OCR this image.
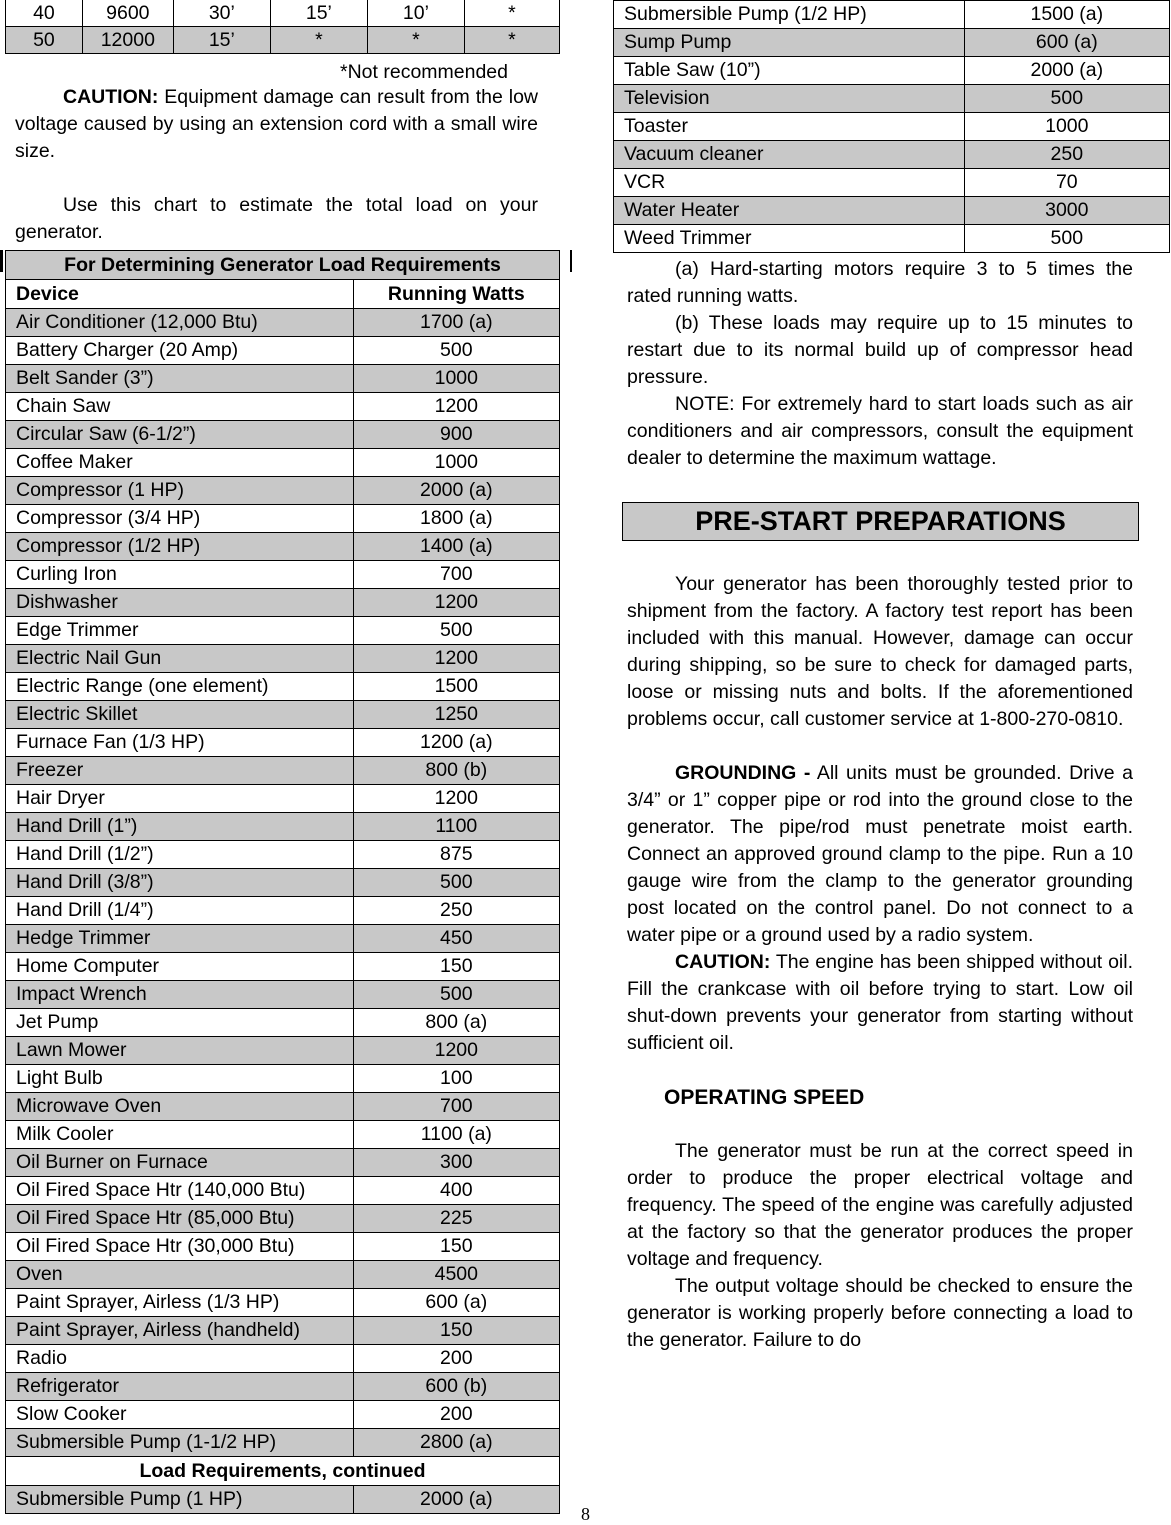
40	9600	30’	15’	10’	*
50	12000	15’	*	*	*

*Not recommended

CAUTION: Equipment damage can result from the low voltage caused by using an extension cord with a small wire size.

Use this chart to estimate the total load on your generator.

For Determining Generator Load Requirements	
Device	Running Watts
Air Conditioner (12,000 Btu)	1700 (a)
Battery Charger (20 Amp)	500
Belt Sander (3”)	1000
Chain Saw	1200
Circular Saw (6-1/2”)	900
Coffee Maker	1000
Compressor (1 HP)	2000 (a)
Compressor (3/4 HP)	1800 (a)
Compressor (1/2 HP)	1400 (a)
Curling Iron	700
Dishwasher	1200
Edge Trimmer	500
Electric Nail Gun	1200
Electric Range (one element)	1500
Electric Skillet	1250
Furnace Fan (1/3 HP)	1200 (a)
Freezer	800 (b)
Hair Dryer	1200
Hand Drill (1”)	1100
Hand Drill (1/2”)	875
Hand Drill (3/8”)	500
Hand Drill (1/4”)	250
Hedge Trimmer	450
Home Computer	150
Impact Wrench	500
Jet Pump	800 (a)
Lawn Mower	1200
Light Bulb	100
Microwave Oven	700
Milk Cooler	1100 (a)
Oil Burner on Furnace	300
Oil Fired Space Htr (140,000 Btu)	400
Oil Fired Space Htr (85,000 Btu)	225
Oil Fired Space Htr (30,000 Btu)	150
Oven	4500
Paint Sprayer, Airless (1/3 HP)	600 (a)
Paint Sprayer, Airless (handheld)	150
Radio	200
Refrigerator	600 (b)
Slow Cooker	200
Submersible Pump (1-1/2 HP)	2800 (a)
Load Requirements, continued	
Submersible Pump (1 HP)	2000 (a)
Submersible Pump (1/2 HP)	1500 (a)
Sump Pump	600 (a)
Table Saw (10”)	2000 (a)
Television	500
Toaster	1000
Vacuum cleaner	250
VCR	70
Water Heater	3000
Weed Trimmer	500

(a) Hard-starting motors require 3 to 5 times the rated running watts.

(b) These loads may require up to 15 minutes to restart due to its normal build up of compressor head pressure.

NOTE: For extremely hard to start loads such as air conditioners and air compressors, consult the equipment dealer to determine the maximum wattage.

PRE-START PREPARATIONS

Your generator has been thoroughly tested prior to shipment from the factory. A factory test report has been included with this manual. However, damage can occur during shipping, so be sure to check for damaged parts, loose or missing nuts and bolts. If the aforementioned problems occur, call customer service at 1-800-270-0810.

GROUNDING - All units must be grounded. Drive a 3/4” or 1” copper pipe or rod into the ground close to the generator. The pipe/rod must penetrate moist earth. Connect an approved ground clamp to the pipe. Run a 10 gauge wire from the clamp to the generator grounding post located on the control panel. Do not connect to a water pipe or a ground used by a radio system.

CAUTION: The engine has been shipped without oil. Fill the crankcase with oil before trying to start. Low oil shut-down prevents your generator from starting without sufficient oil.

OPERATING SPEED

The generator must be run at the correct speed in order to produce the proper electrical voltage and frequency. The speed of the engine was carefully adjusted at the factory so that the generator produces the proper voltage and frequency.

The output voltage should be checked to ensure the generator is working properly before connecting a load to the generator. Failure to do

8
